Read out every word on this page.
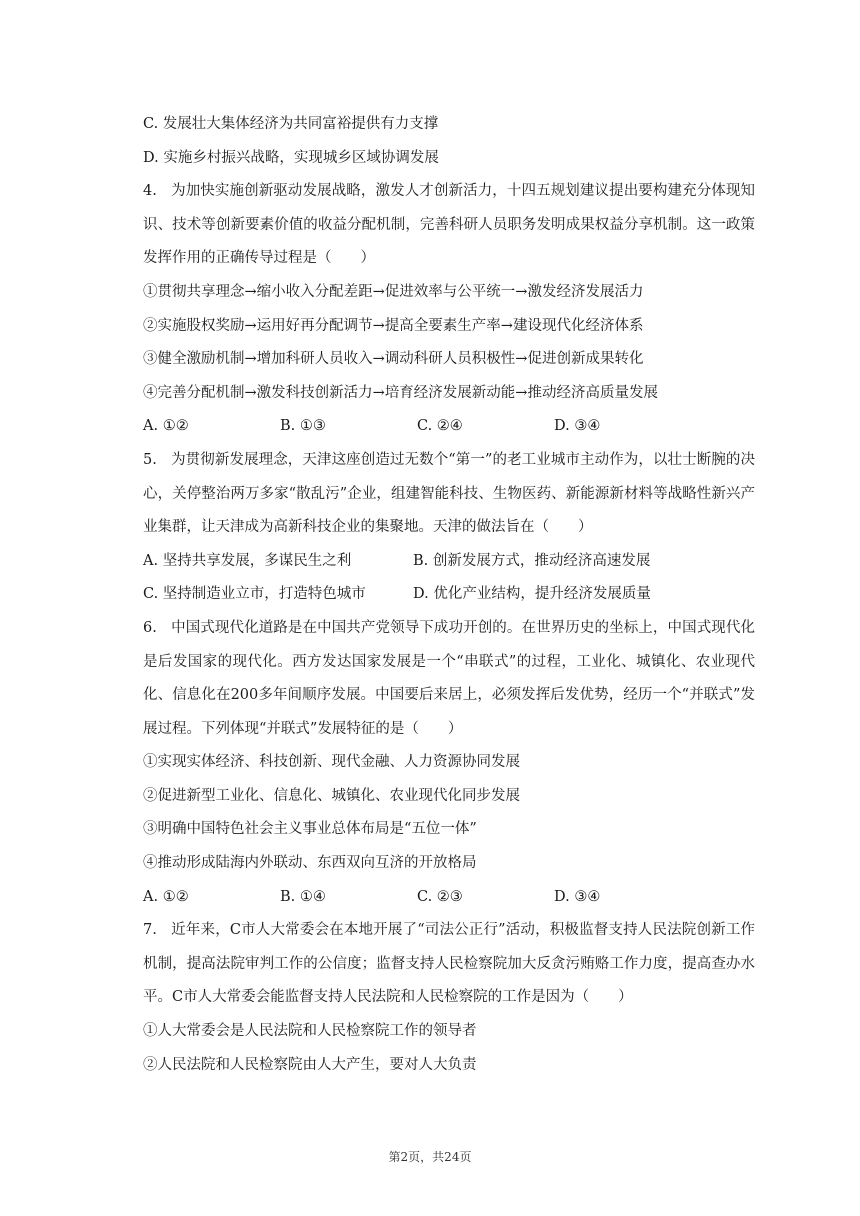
C. 发展壮大集体经济为共同富裕提供有力支撑
D. 实施乡村振兴战略，实现城乡区域协调发展
4. 为加快实施创新驱动发展战略，激发人才创新活力，十四五规划建议提出要构建充分体现知识、技术等创新要素价值的收益分配机制，完善科研人员职务发明成果权益分享机制。这一政策发挥作用的正确传导过程是（　　）
①贯彻共享理念→缩小收入分配差距→促进效率与公平统一→激发经济发展活力
②实施股权奖励→运用好再分配调节→提高全要素生产率→建设现代化经济体系
③健全激励机制→增加科研人员收入→调动科研人员积极性→促进创新成果转化
④完善分配机制→激发科技创新活力→培育经济发展新动能→推动经济高质量发展
A. ①②	B. ①③	C. ②④	D. ③④
5. 为贯彻新发展理念，天津这座创造过无数个“第一”的老工业城市主动作为，以壮士断腕的决心，关停整治两万多家“散乱污”企业，组建智能科技、生物医药、新能源新材料等战略性新兴产业集群，让天津成为高新科技企业的集聚地。天津的做法旨在（　　）
A. 坚持共享发展，多谋民生之利	B. 创新发展方式，推动经济高速发展
C. 坚持制造业立市，打造特色城市	D. 优化产业结构，提升经济发展质量
6. 中国式现代化道路是在中国共产党领导下成功开创的。在世界历史的坐标上，中国式现代化是后发国家的现代化。西方发达国家发展是一个“串联式”的过程，工业化、城镇化、农业现代化、信息化在200多年间顺序发展。中国要后来居上，必须发挥后发优势，经历一个“并联式”发展过程。下列体现“并联式”发展特征的是（　　）
①实现实体经济、科技创新、现代金融、人力资源协同发展
②促进新型工业化、信息化、城镇化、农业现代化同步发展
③明确中国特色社会主义事业总体布局是“五位一体”
④推动形成陆海内外联动、东西双向互济的开放格局
A. ①②	B. ①④	C. ②③	D. ③④
7. 近年来，C市人大常委会在本地开展了“司法公正行”活动，积极监督支持人民法院创新工作机制，提高法院审判工作的公信度；监督支持人民检察院加大反贪污贿赂工作力度，提高查办水平。C市人大常委会能监督支持人民法院和人民检察院的工作是因为（　　）
①人大常委会是人民法院和人民检察院工作的领导者
②人民法院和人民检察院由人大产生，要对人大负责
第2页，共24页
